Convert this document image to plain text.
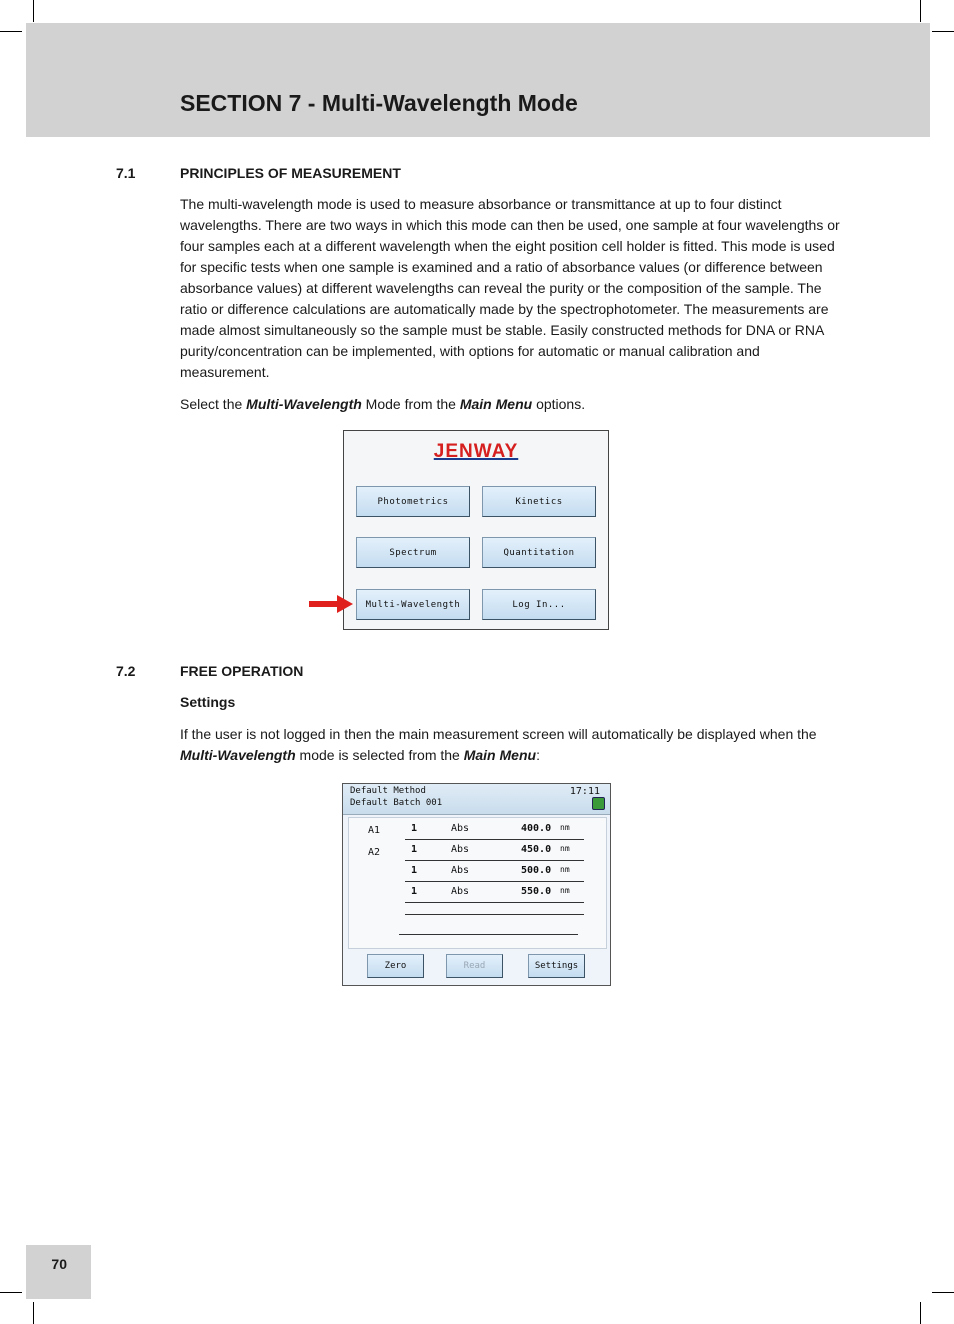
SECTION 7 - Multi-Wavelength Mode
7.1	PRINCIPLES OF MEASUREMENT

The multi-wavelength mode is used to measure absorbance or transmittance at up to four distinct wavelengths. There are two ways in which this mode can then be used, one sample at four wavelengths or four samples each at a different wavelength when the eight position cell holder is fitted. This mode is used for specific tests when one sample is examined and a ratio of absorbance values (or difference between absorbance values) at different wavelengths can reveal the purity or the composition of the sample. The ratio or difference calculations are automatically made by the spectrophotometer. The measurements are made almost simultaneously so the sample must be stable. Easily constructed methods for DNA or RNA purity/concentration can be implemented, with options for automatic or manual calibration and measurement.

Select the Multi-Wavelength Mode from the Main Menu options.

JENWAY
Photometrics	Kinetics
Spectrum	Quantitation
Multi-Wavelength	Log In...
7.2	FREE OPERATION
Settings

If the user is not logged in then the main measurement screen will automatically be displayed when the Multi-Wavelength mode is selected from the Main Menu:

Default Method
Default Batch 001
17:11
A1
A2
1	Abs	400.0 nm
1	Abs	450.0 nm
1	Abs	500.0 nm
1	Abs	550.0 nm
Zero	Read	Settings
70
